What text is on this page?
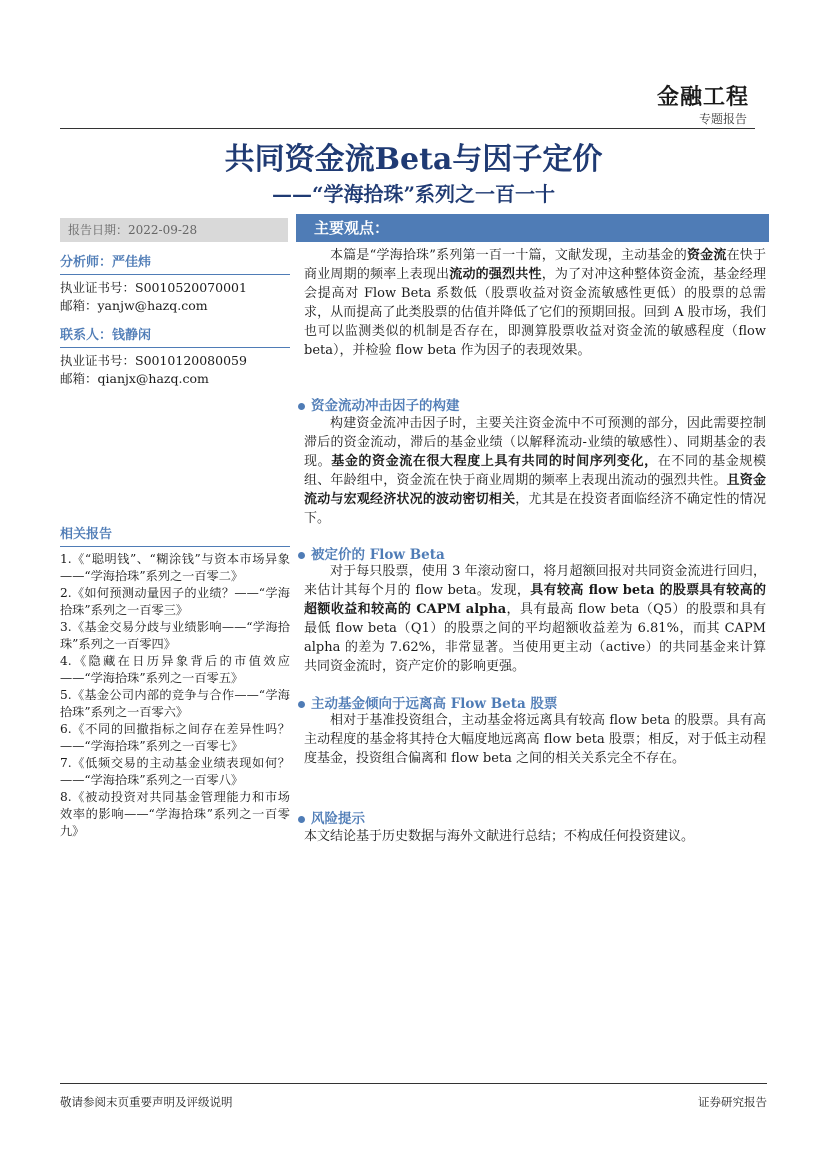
金融工程
专题报告
共同资金流Beta与因子定价
——“学海拾珠”系列之一百一十
报告日期：2022-09-28	主要观点：
分析师：严佳炜
执业证书号：S0010520070001
邮箱：yanjw@hazq.com
联系人：钱静闲
执业证书号：S0010120080059
邮箱：qianjx@hazq.com
相关报告
1.《“聪明钱”、“糊涂钱”与资本市场异象——“学海拾珠”系列之一百零二》
2.《如何预测动量因子的业绩？——“学海拾珠”系列之一百零三》
3.《基金交易分歧与业绩影响——“学海拾珠”系列之一百零四》
4.《隐藏在日历异象背后的市值效应——“学海拾珠”系列之一百零五》
5.《基金公司内部的竞争与合作——“学海拾珠”系列之一百零六》
6.《不同的回撤指标之间存在差异性吗？——“学海拾珠”系列之一百零七》
7.《低频交易的主动基金业绩表现如何？——“学海拾珠”系列之一百零八》
8.《被动投资对共同基金管理能力和市场效率的影响——“学海拾珠”系列之一百零九》

本篇是“学海拾珠”系列第一百一十篇，文献发现，主动基金的资金流在快于商业周期的频率上表现出流动的强烈共性，为了对冲这种整体资金流，基金经理会提高对 Flow Beta 系数低（股票收益对资金流敏感性更低）的股票的总需求，从而提高了此类股票的估值并降低了它们的预期回报。回到 A 股市场，我们也可以监测类似的机制是否存在，即测算股票收益对资金流的敏感程度（flow beta），并检验 flow beta 作为因子的表现效果。

资金流动冲击因子的构建

构建资金流冲击因子时，主要关注资金流中不可预测的部分，因此需要控制滞后的资金流动，滞后的基金业绩（以解释流动-业绩的敏感性）、同期基金的表现。基金的资金流在很大程度上具有共同的时间序列变化，在不同的基金规模组、年龄组中，资金流在快于商业周期的频率上表现出流动的强烈共性。且资金流动与宏观经济状况的波动密切相关，尤其是在投资者面临经济不确定性的情况下。

被定价的 Flow Beta

对于每只股票，使用 3 年滚动窗口，将月超额回报对共同资金流进行回归，来估计其每个月的 flow beta。发现，具有较高 flow beta 的股票具有较高的超额收益和较高的 CAPM alpha，具有最高 flow beta（Q5）的股票和具有最低 flow beta（Q1）的股票之间的平均超额收益差为 6.81%，而其 CAPM alpha 的差为 7.62%，非常显著。当使用更主动（active）的共同基金来计算共同资金流时，资产定价的影响更强。

主动基金倾向于远离高 Flow Beta 股票

相对于基准投资组合，主动基金将远离具有较高 flow beta 的股票。具有高主动程度的基金将其持仓大幅度地远离高 flow beta 股票；相反，对于低主动程度基金，投资组合偏离和 flow beta 之间的相关关系完全不存在。

风险提示

本文结论基于历史数据与海外文献进行总结；不构成任何投资建议。

敬请参阅末页重要声明及评级说明	证券研究报告
